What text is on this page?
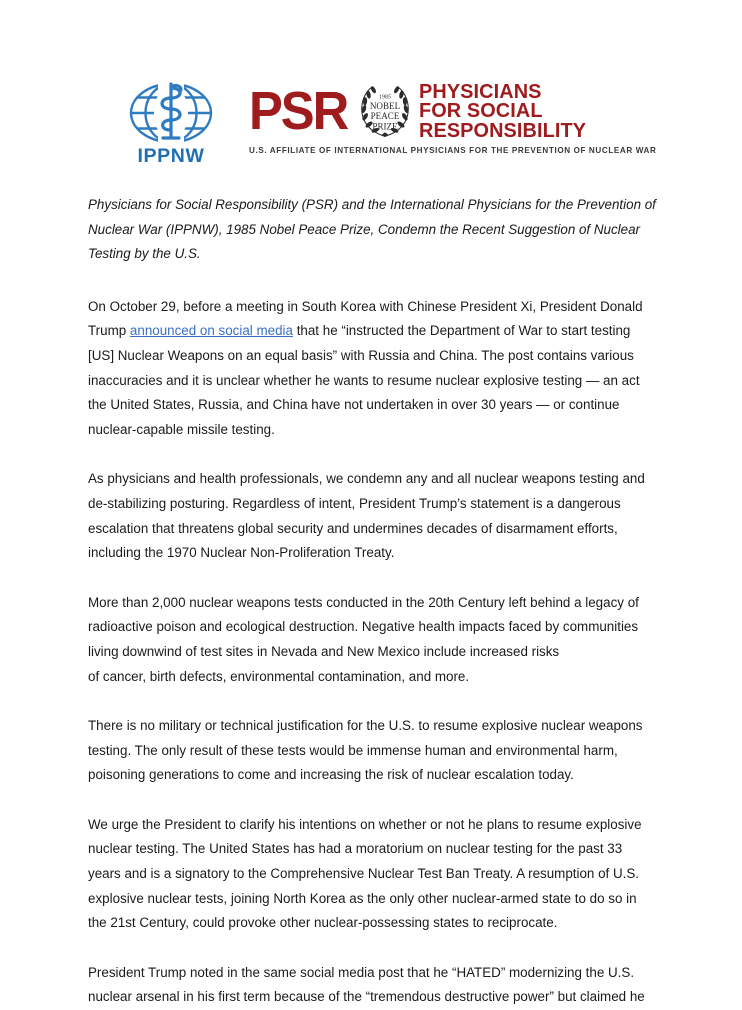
IPPNW
PSR	1985
NOBEL
PEACE
PRIZE
PHYSICIANS
FOR SOCIAL
RESPONSIBILITY
U.S. AFFILIATE OF INTERNATIONAL PHYSICIANS FOR THE PREVENTION OF NUCLEAR WAR

Physicians for Social Responsibility (PSR) and the International Physicians for the Prevention of Nuclear War (IPPNW), 1985 Nobel Peace Prize, Condemn the Recent Suggestion of Nuclear Testing by the U.S.

On October 29, before a meeting in South Korea with Chinese President Xi, President Donald Trump announced on social media that he “instructed the Department of War to start testing [US] Nuclear Weapons on an equal basis” with Russia and China. The post contains various inaccuracies and it is unclear whether he wants to resume nuclear explosive testing — an act the United States, Russia, and China have not undertaken in over 30 years — or continue nuclear-capable missile testing.

As physicians and health professionals, we condemn any and all nuclear weapons testing and de-stabilizing posturing. Regardless of intent, President Trump’s statement is a dangerous escalation that threatens global security and undermines decades of disarmament efforts, including the 1970 Nuclear Non-Proliferation Treaty.

More than 2,000 nuclear weapons tests conducted in the 20th Century left behind a legacy of radioactive poison and ecological destruction. Negative health impacts faced by communities living downwind of test sites in Nevada and New Mexico include increased risks
of cancer, birth defects, environmental contamination, and more.

There is no military or technical justification for the U.S. to resume explosive nuclear weapons testing. The only result of these tests would be immense human and environmental harm, poisoning generations to come and increasing the risk of nuclear escalation today.

We urge the President to clarify his intentions on whether or not he plans to resume explosive nuclear testing. The United States has had a moratorium on nuclear testing for the past 33 years and is a signatory to the Comprehensive Nuclear Test Ban Treaty. A resumption of U.S. explosive nuclear tests, joining North Korea as the only other nuclear-armed state to do so in the 21st Century, could provoke other nuclear-possessing states to reciprocate.

President Trump noted in the same social media post that he “HATED” modernizing the U.S. nuclear arsenal in his first term because of the “tremendous destructive power” but claimed he
